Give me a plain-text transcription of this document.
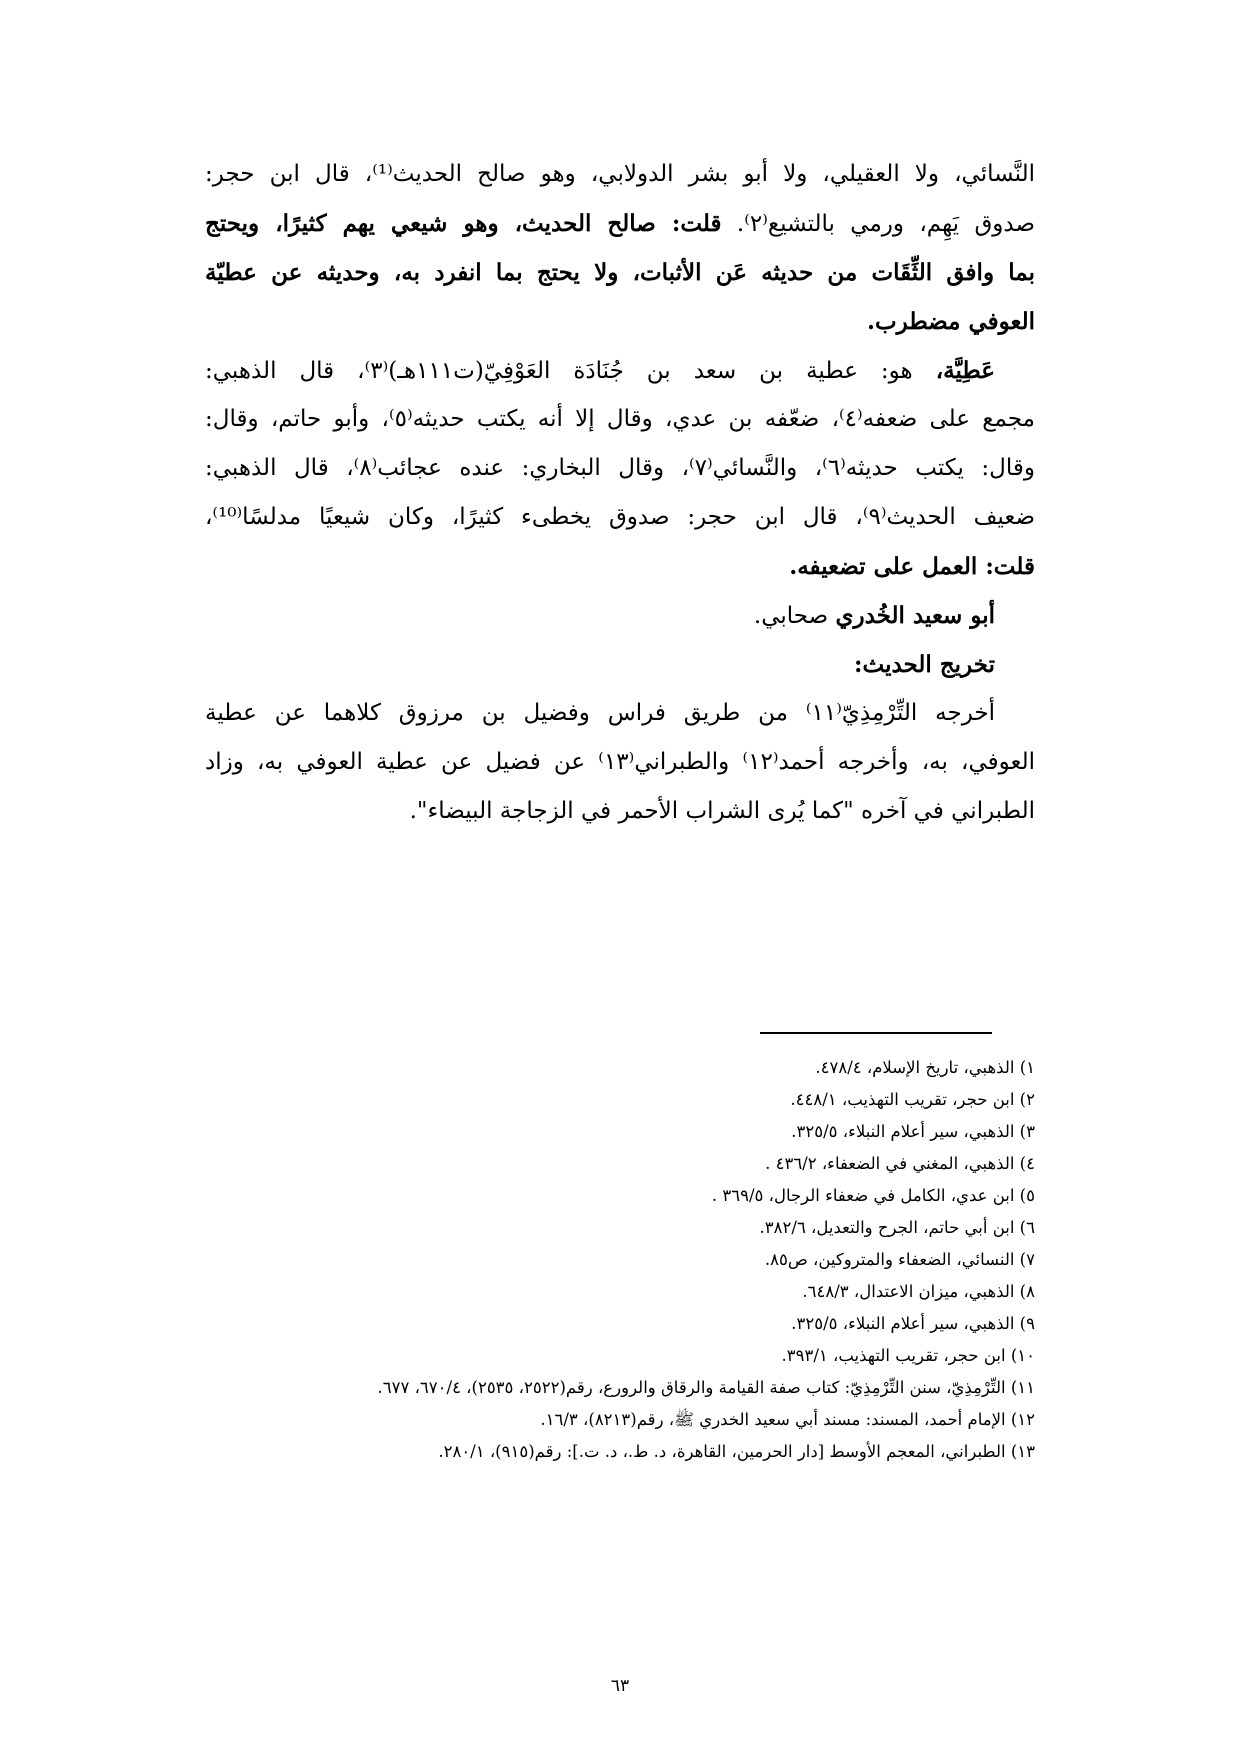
النَّسائي، ولا العقيلي، ولا أبو بشر الدولابي، وهو صالح الحديث⁽¹⁾، قال ابن حجر:
صدوق يَهِم، ورمي بالتشيع⁽٢⁾. قلت: صالح الحديث، وهو شيعي يهم كثيرًا، ويحتج
بما وافق الثِّقَات من حديثه عَن الأثبات، ولا يحتج بما انفرد به، وحديثه عن عطيّة
العوفي مضطرب.
عَطِيَّة، هو: عطية بن سعد بن جُنَادَة العَوْفِيّ(ت١١١هـ)⁽٣⁾، قال الذهبي:
مجمع على ضعفه⁽٤⁾، ضعّفه بن عدي، وقال إلا أنه يكتب حديثه⁽٥⁾، وأبو حاتم، وقال:
وقال: يكتب حديثه⁽٦⁾، والنَّسائي⁽٧⁾، وقال البخاري: عنده عجائب⁽٨⁾، قال الذهبي:
ضعيف الحديث⁽٩⁾، قال ابن حجر: صدوق يخطىء كثيرًا، وكان شيعيًا مدلسًا⁽¹⁰⁾،
قلت: العمل على تضعيفه.
أبو سعيد الخُدري صحابي.
تخريج الحديث:
أخرجه التِّرْمِذِيّ⁽١١⁾ من طريق فراس وفضيل بن مرزوق كلاهما عن عطية
العوفي، به، وأخرجه أحمد⁽١٢⁾ والطبراني⁽١٣⁾ عن فضيل عن عطية العوفي به، وزاد
الطبراني في آخره "كما يُرى الشراب الأحمر في الزجاجة البيضاء".
١) الذهبي، تاريخ الإسلام، ٤٧٨/٤.
٢) ابن حجر، تقريب التهذيب، ٤٤٨/١.
٣) الذهبي، سير أعلام النبلاء، ٣٢٥/٥.
٤) الذهبي، المغني في الضعفاء، ٤٣٦/٢ .
٥) ابن عدي، الكامل في ضعفاء الرجال، ٣٦٩/٥ .
٦) ابن أبي حاتم، الجرح والتعديل، ٣٨٢/٦.
٧) النسائي، الضعفاء والمتروكين، ص٨٥.
٨) الذهبي، ميزان الاعتدال، ٦٤٨/٣.
٩) الذهبي، سير أعلام النبلاء، ٣٢٥/٥.
١٠) ابن حجر، تقريب التهذيب، ٣٩٣/١.
١١) التِّرْمِذِيّ، سنن التِّرْمِذِيّ: كتاب صفة القيامة والرقاق والرورع، رقم(٢٥٢٢، ٢٥٣٥)، ٦٧٠/٤، ٦٧٧.
١٢) الإمام أحمد، المسند: مسند أبي سعيد الخدري ﷺ، رقم(٨٢١٣)، ١٦/٣.
١٣) الطبراني، المعجم الأوسط [دار الحرمين، القاهرة، د. ط.، د. ت.]: رقم(٩١٥)، ٢٨٠/١.
٦٣
